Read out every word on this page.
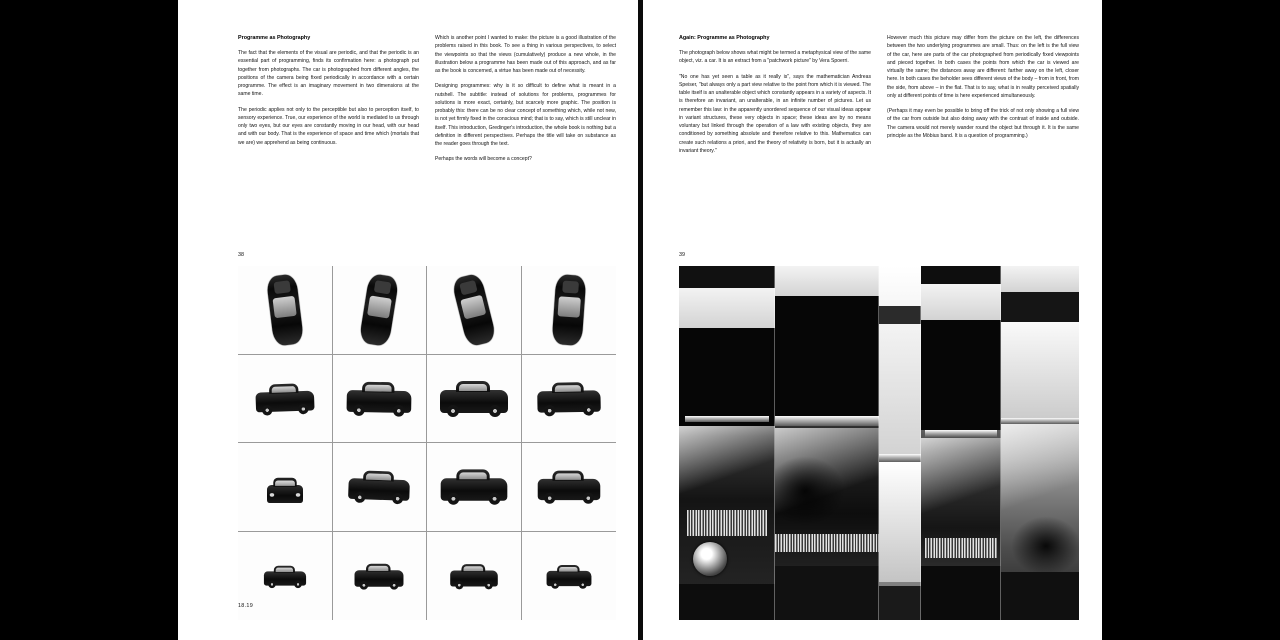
Programme as Photography

The fact that the elements of the visual are periodic, and that the periodic is an essential part of programming, finds its confirmation here: a photograph put together from photographs. The car is photographed from different angles, the positions of the camera being fixed periodically in accordance with a certain programme. The effect is an imaginary movement in two dimensions at the same time.

The periodic applies not only to the perceptible but also to perception itself, to sensory experience. True, our experience of the world is mediated to us through only two eyes, but our eyes are constantly moving in our head, with our head and with our body. That is the experience of space and time which (mortals that we are) we apprehend as being continuous.

Which is another point I wanted to make: the picture is a good illustration of the problems raised in this book. To see a thing in various perspectives, to select the viewpoints so that the views (cumulatively) produce a new whole, in the illustration below a programme has been made out of this approach, and as far as the book is concerned, a virtue has been made out of necessity.

Designing programmes: why is it so difficult to define what is meant in a nutshell. The subtitle: instead of solutions for problems, programmes for solutions is more exact, certainly, but scarcely more graphic. The position is probably this: there can be no clear concept of something which, while not new, is not yet firmly fixed in the conscious mind; that is to say, which is still unclear in itself. This introduction, Gredinger's introduction, the whole book is nothing but a definition in different perspectives. Perhaps the title will take on substance as the reader goes through the text.

Perhaps the words will become a concept?

38
18.19
Again: Programme as Photography

The photograph below shows what might be termed a metaphysical view of the same object, viz. a car. It is an extract from a "patchwork picture" by Vera Spoerri.

"No one has yet seen a table as it really is", says the mathematician Andreas Speiser, "but always only a part view relative to the point from which it is viewed. The table itself is an unalterable object which constantly appears in a variety of aspects. It is therefore an invariant, an unalterable, in an infinite number of pictures. Let us remember this law: in the apparently unordered sequence of our visual ideas appear in variant structures, these very objects in space; these ideas are by no means voluntary but linked through the operation of a law with existing objects, they are conditioned by something absolute and therefore relative to this. Mathematics can create such relations a priori, and the theory of relativity is born, but it is actually an invariant theory."

However much this picture may differ from the picture on the left, the differences between the two underlying programmes are small. Thus: on the left is the full view of the car, here are parts of the car photographed from periodically fixed viewpoints and pieced together. In both cases the points from which the car is viewed are virtually the same; the distances away are different: farther away on the left, closer here. In both cases the beholder sees different views of the body – from in front, from the side, from above – in the flat. That is to say, what is in reality perceived spatially only at different points of time is here experienced simultaneously.

(Perhaps it may even be possible to bring off the trick of not only showing a full view of the car from outside but also doing away with the contrast of inside and outside. The camera would not merely wander round the object but through it. It is the same principle as the Möbius band. It is a question of programming.)

39
